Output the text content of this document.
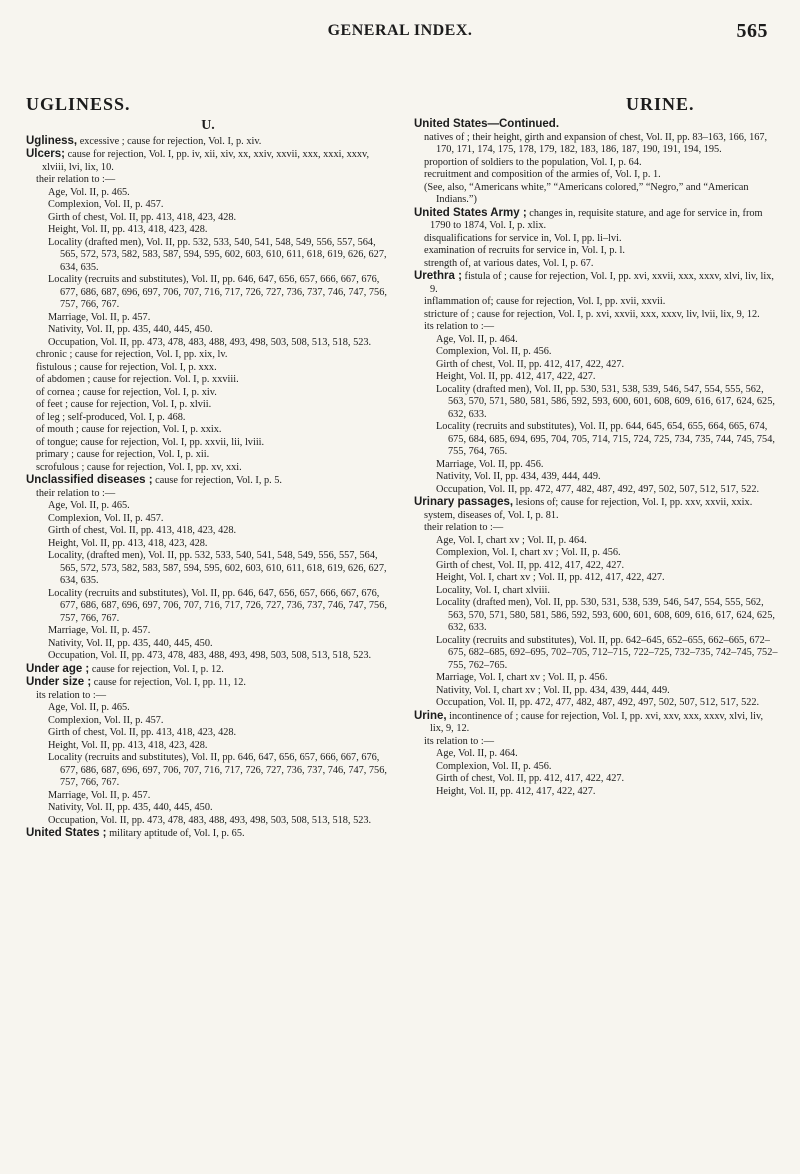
GENERAL INDEX.	565
UGLINESS.	URINE.
U.

Ugliness, excessive ; cause for rejection, Vol. I, p. xiv.

Ulcers; cause for rejection, Vol. I, pp. iv, xii, xiv, xx, xxiv, xxvii, xxx, xxxi, xxxv, xlviii, lvi, lix, 10.

their relation to :—

Age, Vol. II, p. 465.

Complexion, Vol. II, p. 457.

Girth of chest, Vol. II, pp. 413, 418, 423, 428.

Height, Vol. II, pp. 413, 418, 423, 428.

Locality (drafted men), Vol. II, pp. 532, 533, 540, 541, 548, 549, 556, 557, 564, 565, 572, 573, 582, 583, 587, 594, 595, 602, 603, 610, 611, 618, 619, 626, 627, 634, 635.

Locality (recruits and substitutes), Vol. II, pp. 646, 647, 656, 657, 666, 667, 676, 677, 686, 687, 696, 697, 706, 707, 716, 717, 726, 727, 736, 737, 746, 747, 756, 757, 766, 767.

Marriage, Vol. II, p. 457.

Nativity, Vol. II, pp. 435, 440, 445, 450.

Occupation, Vol. II, pp. 473, 478, 483, 488, 493, 498, 503, 508, 513, 518, 523.

chronic ; cause for rejection, Vol. I, pp. xix, lv.

fistulous ; cause for rejection, Vol. I, p. xxx.

of abdomen ; cause for rejection. Vol. I, p. xxviii.

of cornea ; cause for rejection, Vol. I, p. xiv.

of feet ; cause for rejection, Vol. I, p. xlvii.

of leg ; self-produced, Vol. I, p. 468.

of mouth ; cause for rejection, Vol. I, p. xxix.

of tongue; cause for rejection, Vol. I, pp. xxvii, lii, lviii.

primary ; cause for rejection, Vol. I, p. xii.

scrofulous ; cause for rejection, Vol. I, pp. xv, xxi.

Unclassified diseases ; cause for rejection, Vol. I, p. 5.

their relation to :—

Age, Vol. II, p. 465.

Complexion, Vol. II, p. 457.

Girth of chest, Vol. II, pp. 413, 418, 423, 428.

Height, Vol. II, pp. 413, 418, 423, 428.

Locality, (drafted men), Vol. II, pp. 532, 533, 540, 541, 548, 549, 556, 557, 564, 565, 572, 573, 582, 583, 587, 594, 595, 602, 603, 610, 611, 618, 619, 626, 627, 634, 635.

Locality (recruits and substitutes), Vol. II, pp. 646, 647, 656, 657, 666, 667, 676, 677, 686, 687, 696, 697, 706, 707, 716, 717, 726, 727, 736, 737, 746, 747, 756, 757, 766, 767.

Marriage, Vol. II, p. 457.

Nativity, Vol. II, pp. 435, 440, 445, 450.

Occupation, Vol. II, pp. 473, 478, 483, 488, 493, 498, 503, 508, 513, 518, 523.

Under age ; cause for rejection, Vol. I, p. 12.

Under size ; cause for rejection, Vol. I, pp. 11, 12.

its relation to :—

Age, Vol. II, p. 465.

Complexion, Vol. II, p. 457.

Girth of chest, Vol. II, pp. 413, 418, 423, 428.

Height, Vol. II, pp. 413, 418, 423, 428.

Locality (recruits and substitutes), Vol. II, pp. 646, 647, 656, 657, 666, 667, 676, 677, 686, 687, 696, 697, 706, 707, 716, 717, 726, 727, 736, 737, 746, 747, 756, 757, 766, 767.

Marriage, Vol. II, p. 457.

Nativity, Vol. II, pp. 435, 440, 445, 450.

Occupation, Vol. II, pp. 473, 478, 483, 488, 493, 498, 503, 508, 513, 518, 523.

United States ; military aptitude of, Vol. I, p. 65.

United States—Continued.

natives of ; their height, girth and expansion of chest, Vol. II, pp. 83–163, 166, 167, 170, 171, 174, 175, 178, 179, 182, 183, 186, 187, 190, 191, 194, 195.

proportion of soldiers to the population, Vol. I, p. 64.

recruitment and composition of the armies of, Vol. I, p. 1.

(See, also, “Americans white,” “Americans colored,” “Negro,” and “American Indians.”)

United States Army ; changes in, requisite stature, and age for service in, from 1790 to 1874, Vol. I, p. xlix.

disqualifications for service in, Vol. I, pp. li–lvi.

examination of recruits for service in, Vol. I, p. l.

strength of, at various dates, Vol. I, p. 67.

Urethra ; fistula of ; cause for rejection, Vol. I, pp. xvi, xxvii, xxx, xxxv, xlvi, liv, lix, 9.

inflammation of; cause for rejection, Vol. I, pp. xvii, xxvii.

stricture of ; cause for rejection, Vol. I, p. xvi, xxvii, xxx, xxxv, liv, lvii, lix, 9, 12.

its relation to :—

Age, Vol. II, p. 464.

Complexion, Vol. II, p. 456.

Girth of chest, Vol. II, pp. 412, 417, 422, 427.

Height, Vol. II, pp. 412, 417, 422, 427.

Locality (drafted men), Vol. II, pp. 530, 531, 538, 539, 546, 547, 554, 555, 562, 563, 570, 571, 580, 581, 586, 592, 593, 600, 601, 608, 609, 616, 617, 624, 625, 632, 633.

Locality (recruits and substitutes), Vol. II, pp. 644, 645, 654, 655, 664, 665, 674, 675, 684, 685, 694, 695, 704, 705, 714, 715, 724, 725, 734, 735, 744, 745, 754, 755, 764, 765.

Marriage, Vol. II, pp. 456.

Nativity, Vol. II, pp. 434, 439, 444, 449.

Occupation, Vol. II, pp. 472, 477, 482, 487, 492, 497, 502, 507, 512, 517, 522.

Urinary passages, lesions of; cause for rejection, Vol. I, pp. xxv, xxvii, xxix.

system, diseases of, Vol. I, p. 81.

their relation to :—

Age, Vol. I, chart xv ; Vol. II, p. 464.

Complexion, Vol. I, chart xv ; Vol. II, p. 456.

Girth of chest, Vol. II, pp. 412, 417, 422, 427.

Height, Vol. I, chart xv ; Vol. II, pp. 412, 417, 422, 427.

Locality, Vol. I, chart xlviii.

Locality (drafted men), Vol. II, pp. 530, 531, 538, 539, 546, 547, 554, 555, 562, 563, 570, 571, 580, 581, 586, 592, 593, 600, 601, 608, 609, 616, 617, 624, 625, 632, 633.

Locality (recruits and substitutes), Vol. II, pp. 642–645, 652–655, 662–665, 672–675, 682–685, 692–695, 702–705, 712–715, 722–725, 732–735, 742–745, 752–755, 762–765.

Marriage, Vol. I, chart xv ; Vol. II, p. 456.

Nativity, Vol. I, chart xv ; Vol. II, pp. 434, 439, 444, 449.

Occupation, Vol. II, pp. 472, 477, 482, 487, 492, 497, 502, 507, 512, 517, 522.

Urine, incontinence of ; cause for rejection, Vol. I, pp. xvi, xxv, xxx, xxxv, xlvi, liv, lix, 9, 12.

its relation to :—

Age, Vol. II, p. 464.

Complexion, Vol. II, p. 456.

Girth of chest, Vol. II, pp. 412, 417, 422, 427.

Height, Vol. II, pp. 412, 417, 422, 427.
